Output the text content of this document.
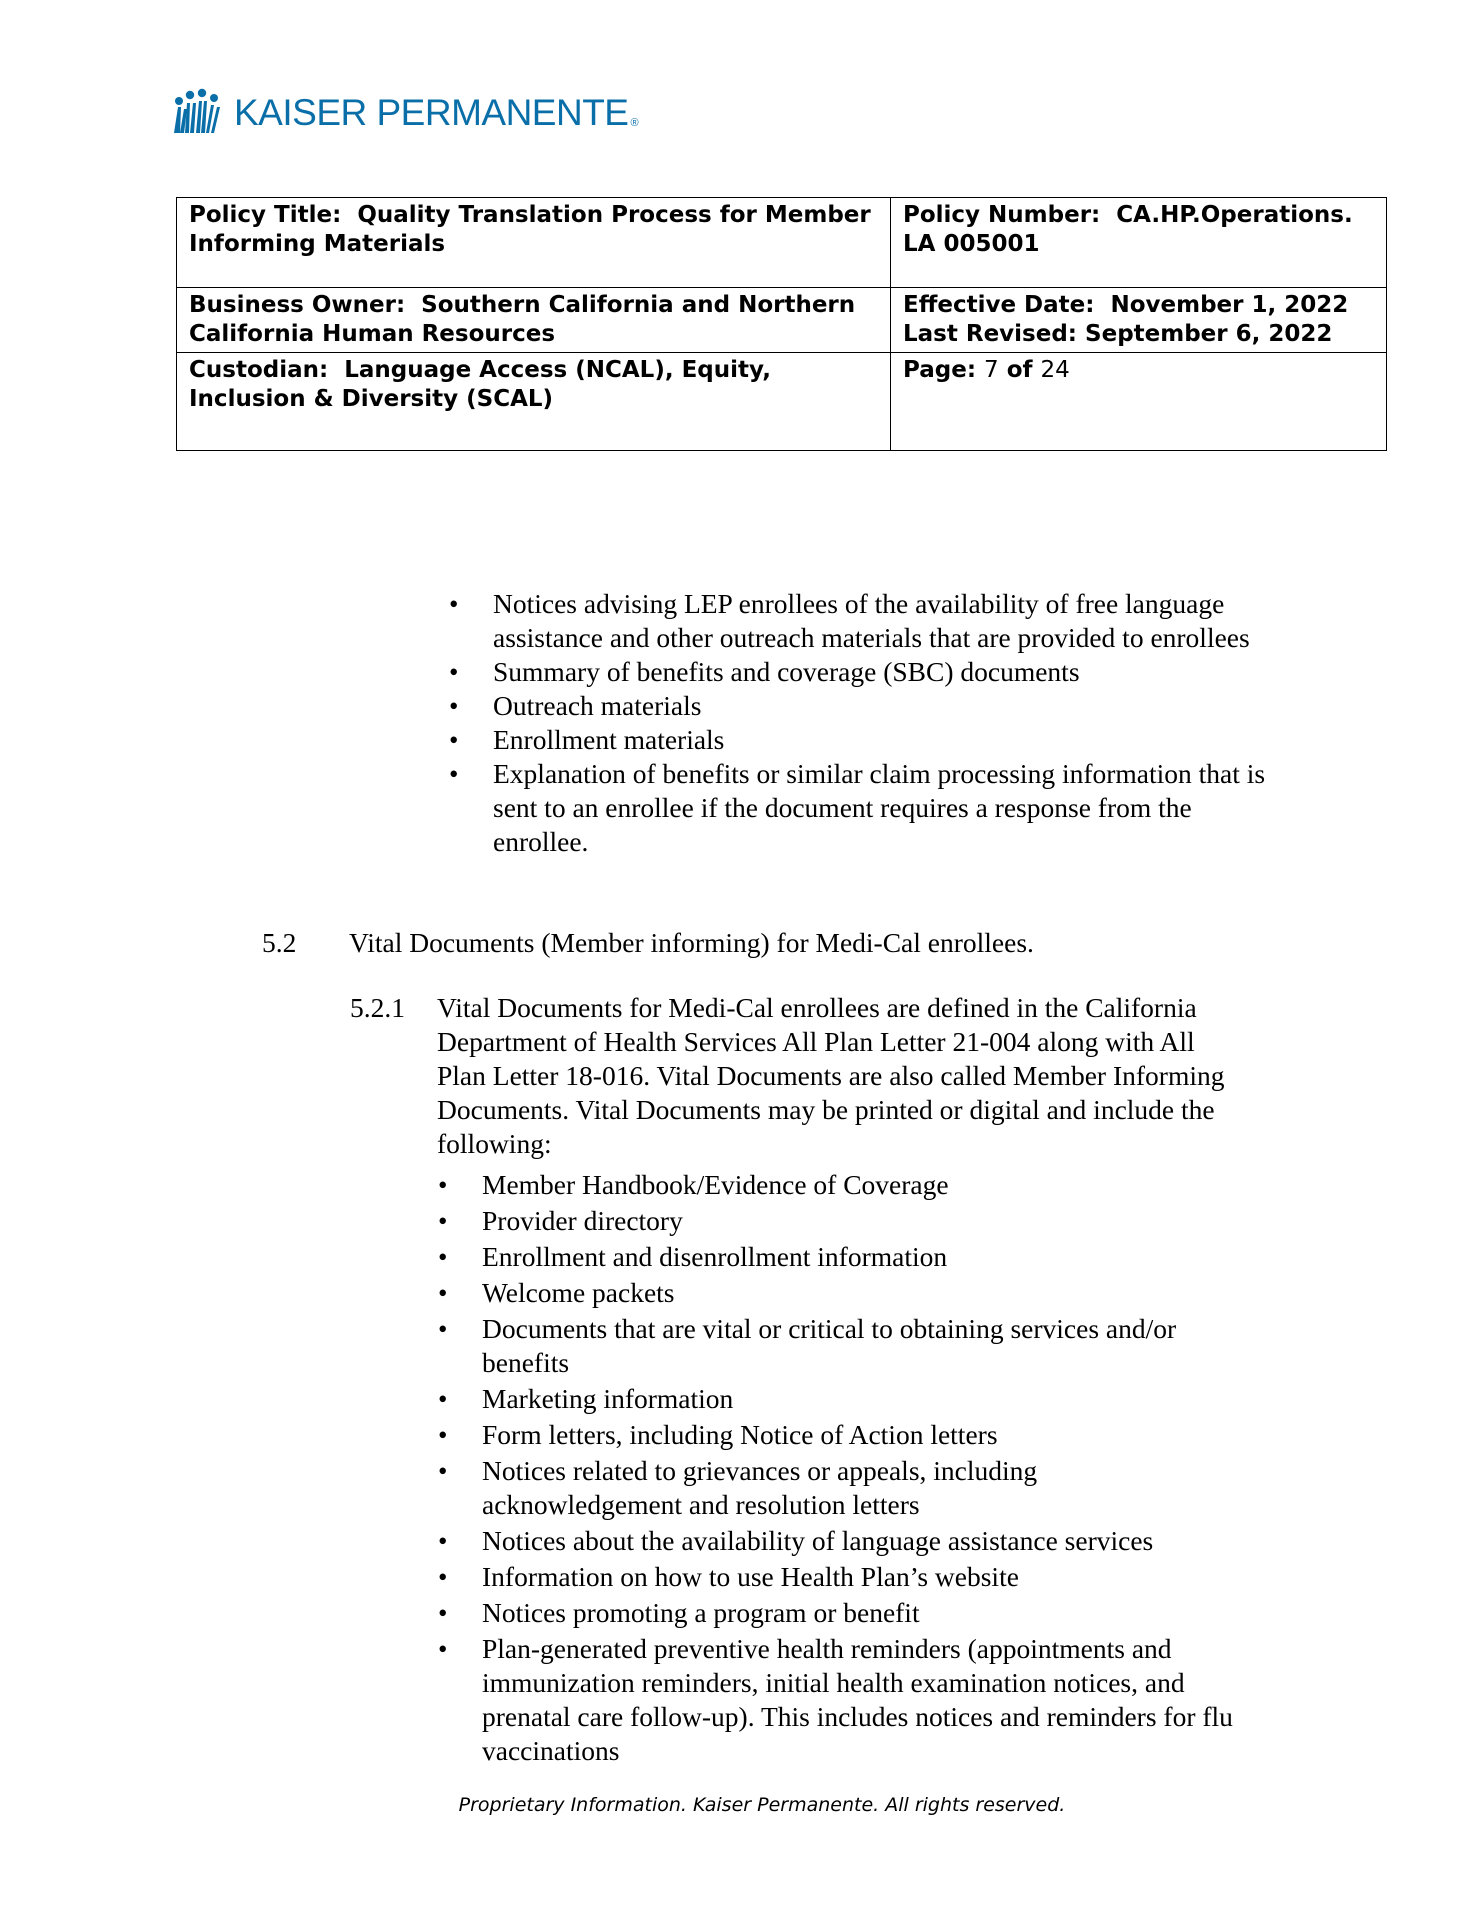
KAISER PERMANENTE ®
Policy Title: Quality Translation Process for Member Informing Materials	Policy Number: CA.HP.Operations. LA 005001
Business Owner: Southern California and Northern California Human Resources	Effective Date: November 1, 2022
Last Revised: September 6, 2022

Custodian: Language Access (NCAL), Equity, Inclusion & Diversity (SCAL)	Page: 7 of 24
• Notices advising LEP enrollees of the availability of free language assistance and other outreach materials that are provided to enrollees
• Summary of benefits and coverage (SBC) documents
• Outreach materials
• Enrollment materials
• Explanation of benefits or similar claim processing information that is sent to an enrollee if the document requires a response from the enrollee.
5.2 Vital Documents (Member informing) for Medi-Cal enrollees.
5.2.1 Vital Documents for Medi-Cal enrollees are defined in the California Department of Health Services All Plan Letter 21-004 along with All Plan Letter 18-016. Vital Documents are also called Member Informing Documents. Vital Documents may be printed or digital and include the following:
• Member Handbook/Evidence of Coverage
• Provider directory
• Enrollment and disenrollment information
• Welcome packets
• Documents that are vital or critical to obtaining services and/or benefits
• Marketing information
• Form letters, including Notice of Action letters
• Notices related to grievances or appeals, including acknowledgement and resolution letters
• Notices about the availability of language assistance services
• Information on how to use Health Plan’s website
• Notices promoting a program or benefit
• Plan-generated preventive health reminders (appointments and immunization reminders, initial health examination notices, and prenatal care follow-up). This includes notices and reminders for flu vaccinations
Proprietary Information. Kaiser Permanente. All rights reserved.
